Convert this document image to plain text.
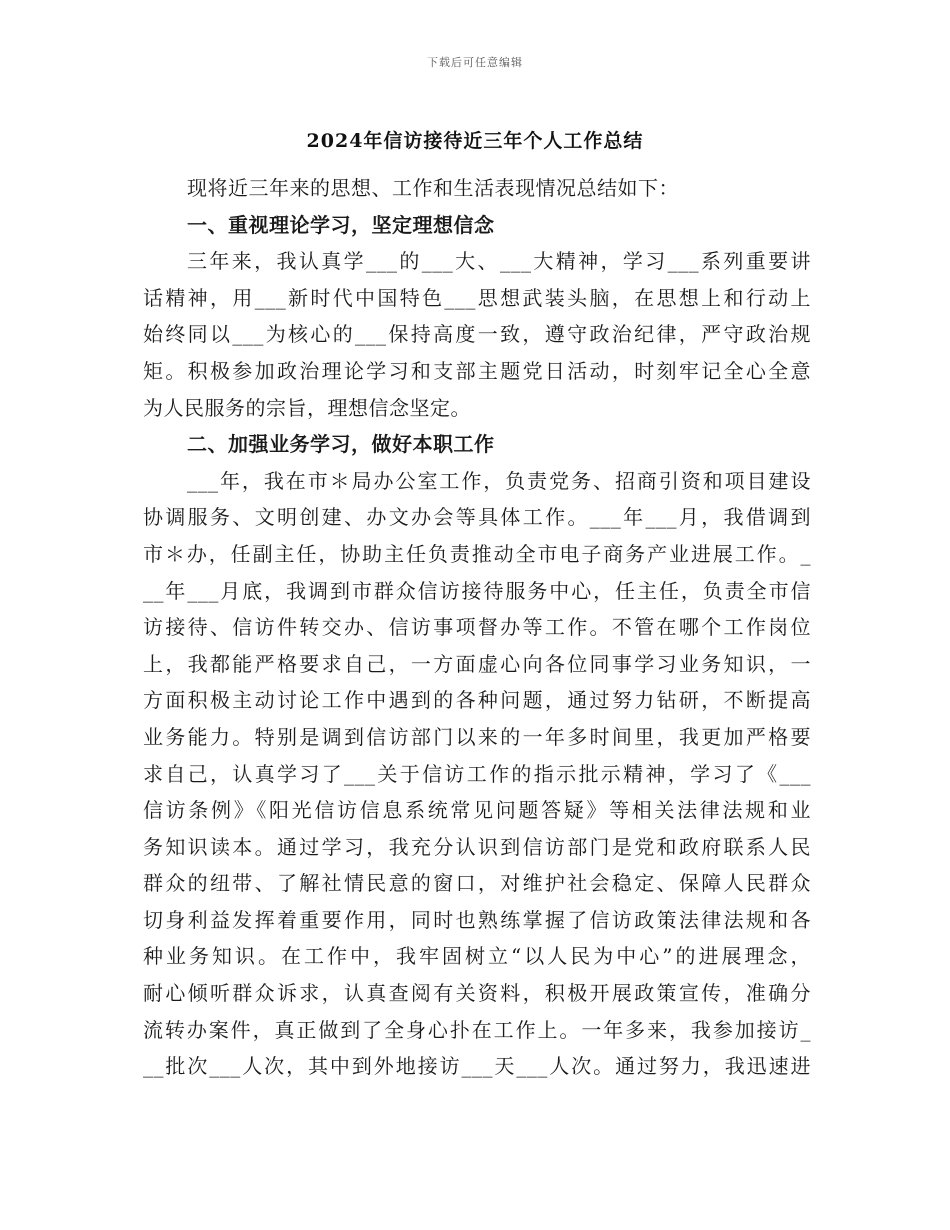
下载后可任意编辑
2024年信访接待近三年个人工作总结
现将近三年来的思想、工作和生活表现情况总结如下：
一、重视理论学习，坚定理想信念
三年来，我认真学___的___大、___大精神，学习___系列重要讲
话精神，用___新时代中国特色___思想武装头脑，在思想上和行动上
始终同以___为核心的___保持高度一致，遵守政治纪律，严守政治规
矩。积极参加政治理论学习和支部主题党日活动，时刻牢记全心全意
为人民服务的宗旨，理想信念坚定。
二、加强业务学习，做好本职工作
___年，我在市＊局办公室工作，负责党务、招商引资和项目建设
协调服务、文明创建、办文办会等具体工作。___年___月，我借调到
市＊办，任副主任，协助主任负责推动全市电子商务产业进展工作。_
__年___月底，我调到市群众信访接待服务中心，任主任，负责全市信
访接待、信访件转交办、信访事项督办等工作。不管在哪个工作岗位
上，我都能严格要求自己，一方面虚心向各位同事学习业务知识，一
方面积极主动讨论工作中遇到的各种问题，通过努力钻研，不断提高
业务能力。特别是调到信访部门以来的一年多时间里，我更加严格要
求自己，认真学习了___关于信访工作的指示批示精神，学习了《___
信访条例》《阳光信访信息系统常见问题答疑》等相关法律法规和业
务知识读本。通过学习，我充分认识到信访部门是党和政府联系人民
群众的纽带、了解社情民意的窗口，对维护社会稳定、保障人民群众
切身利益发挥着重要作用，同时也熟练掌握了信访政策法律法规和各
种业务知识。在工作中，我牢固树立“以人民为中心”的进展理念，
耐心倾听群众诉求，认真查阅有关资料，积极开展政策宣传，准确分
流转办案件，真正做到了全身心扑在工作上。一年多来，我参加接访_
__批次___人次，其中到外地接访___天___人次。通过努力，我迅速进
